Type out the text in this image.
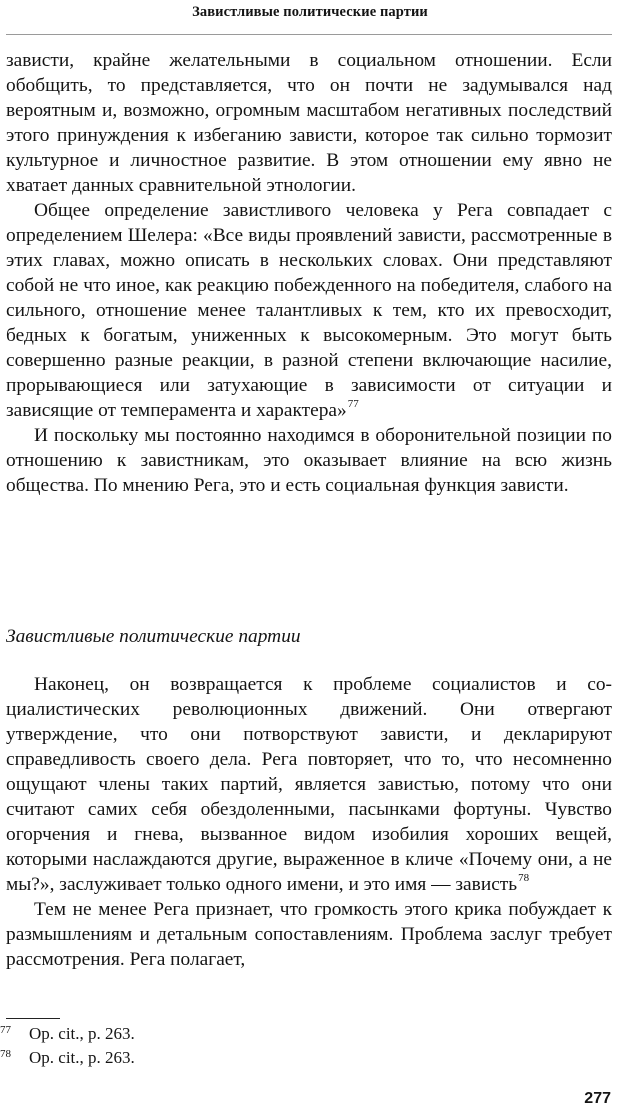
Завистливые политические партии

зависти, крайне желательными в социальном отношении. Если обобщить, то представляется, что он почти не задумывался над вероятным и, возможно, огромным масштабом негативных последствий этого принуждения к избеганию зависти, которое так сильно тормозит культурное и личностное развитие. В этом отношении ему явно не хватает данных сравнительной этнологии.

Общее определение завистливого человека у Рега совпадает с определением Шелера: «Все виды проявлений зависти, рассмотренные в этих главах, можно описать в нескольких словах. Они представляют собой не что иное, как реакцию побежденного на победителя, слабого на сильного, отношение менее талантливых к тем, кто их превосходит, бедных к богатым, униженных к высокомерным. Это могут быть совершенно разные реакции, в разной степени включающие насилие, прорывающиеся или затухающие в зависимости от ситуации и зависящие от темперамента и характера»$^{77}$

И поскольку мы постоянно находимся в оборонительной позиции по отношению к завистникам, это оказывает влияние на всю жизнь общества. По мнению Рега, это и есть социальная функция зависти.

Завистливые политические партии

Наконец, он возвращается к проблеме социалистов и социалистических революционных движений. Они отвергают утверждение, что они потворствуют зависти, и декларируют справедливость своего дела. Рега повторяет, что то, что несомненно ощущают члены таких партий, является завистью, потому что они считают самих себя обездоленными, пасынками фортуны. Чувство огорчения и гнева, вызванное видом изобилия хороших вещей, которыми наслаждаются другие, выраженное в кличе «Почему они, а не мы?», заслуживает только одного имени, и это имя — зависть$^{78}$

Тем не менее Рега признает, что громкость этого крика побуждает к размышлениям и детальным сопоставлениям. Проблема заслуг требует рассмотрения. Рега полагает,

77	Op. cit., p. 263.
78	Op. cit., p. 263.
277
